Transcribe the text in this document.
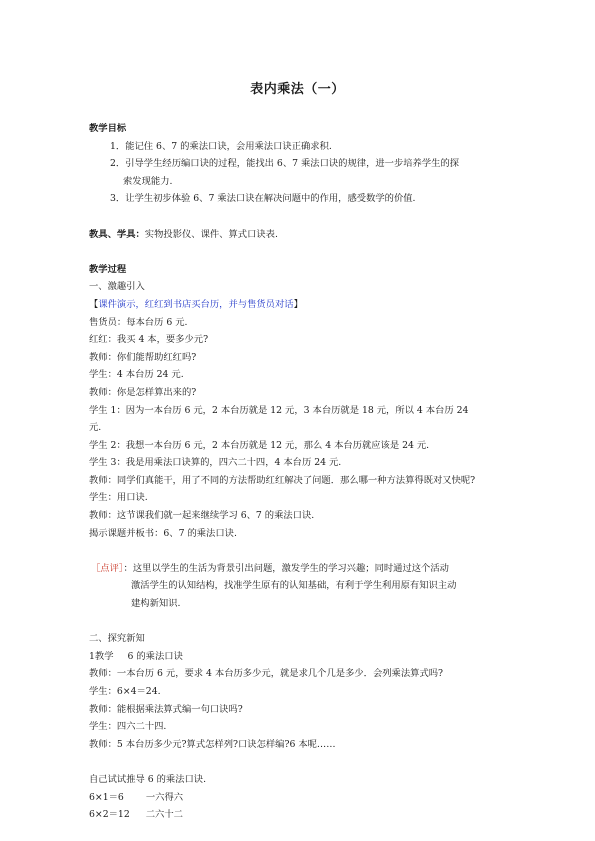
表内乘法（一）
教学目标
1．能记住 6、7 的乘法口诀，会用乘法口诀正确求积.
2．引导学生经历编口诀的过程，能找出 6、7 乘法口诀的规律，进一步培养学生的探
索发现能力.
3．让学生初步体验 6、7 乘法口诀在解决问题中的作用，感受数学的价值.
教具、学具：实物投影仪、课件、算式口诀表.
教学过程
一、激趣引入
【课件演示，红红到书店买台历，并与售货员对话】
售货员：每本台历 6 元.
红红：我买 4 本，要多少元?
教师：你们能帮助红红吗?
学生：4 本台历 24 元.
教师：你是怎样算出来的?
学生 1：因为一本台历 6 元，2 本台历就是 12 元，3 本台历就是 18 元，所以 4 本台历 24
元.
学生 2：我想一本台历 6 元，2 本台历就是 12 元，那么 4 本台历就应该是 24 元.
学生 3：我是用乘法口诀算的，四六二十四，4 本台历 24 元.
教师：同学们真能干，用了不同的方法帮助红红解决了问题．那么哪一种方法算得既对又快呢?
学生：用口诀.
教师：这节课我们就一起来继续学习 6、7 的乘法口诀.
揭示课题并板书：6、7 的乘法口诀.
［点评］：这里以学生的生活为背景引出问题，激发学生的学习兴趣；同时通过这个活动
激活学生的认知结构，找准学生原有的认知基础，有利于学生利用原有知识主动
建构新知识.
二、探究新知
1教学 6 的乘法口诀
教师：一本台历 6 元，要求 4 本台历多少元，就是求几个几是多少．会列乘法算式吗?
学生：6×4＝24.
教师：能根据乘法算式编一句口诀吗?
学生：四六二十四.
教师：5 本台历多少元?算式怎样列?口诀怎样编?6 本呢……
自己试试推导 6 的乘法口诀.
6×1＝6 一六得六
6×2＝12 二六十二
